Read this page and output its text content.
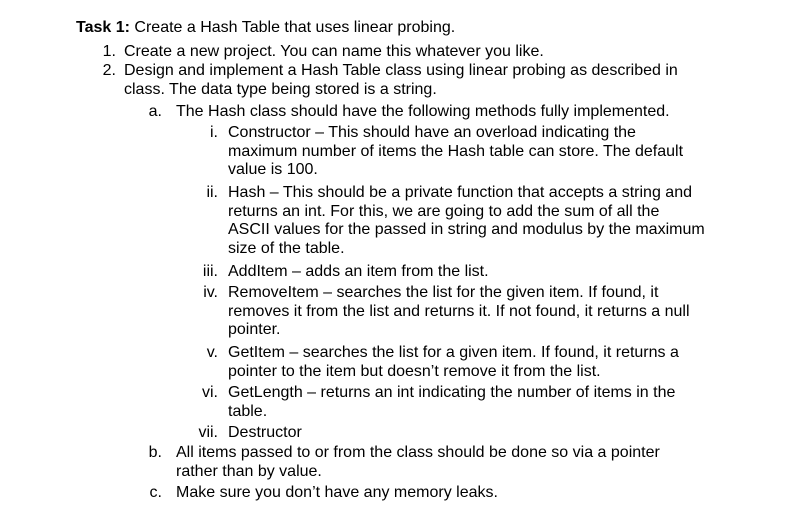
Task 1: Create a Hash Table that uses linear probing.
1. Create a new project. You can name this whatever you like.
2. Design and implement a Hash Table class using linear probing as described in
class. The data type being stored is a string.
a. The Hash class should have the following methods fully implemented.
i. Constructor – This should have an overload indicating the
maximum number of items the Hash table can store. The default
value is 100.
ii. Hash – This should be a private function that accepts a string and
returns an int. For this, we are going to add the sum of all the
ASCII values for the passed in string and modulus by the maximum
size of the table.
iii. AddItem – adds an item from the list.
iv. RemoveItem – searches the list for the given item. If found, it
removes it from the list and returns it. If not found, it returns a null
pointer.
v. GetItem – searches the list for a given item. If found, it returns a
pointer to the item but doesn’t remove it from the list.
vi. GetLength – returns an int indicating the number of items in the
table.
vii. Destructor
b. All items passed to or from the class should be done so via a pointer
rather than by value.
c. Make sure you don’t have any memory leaks.
